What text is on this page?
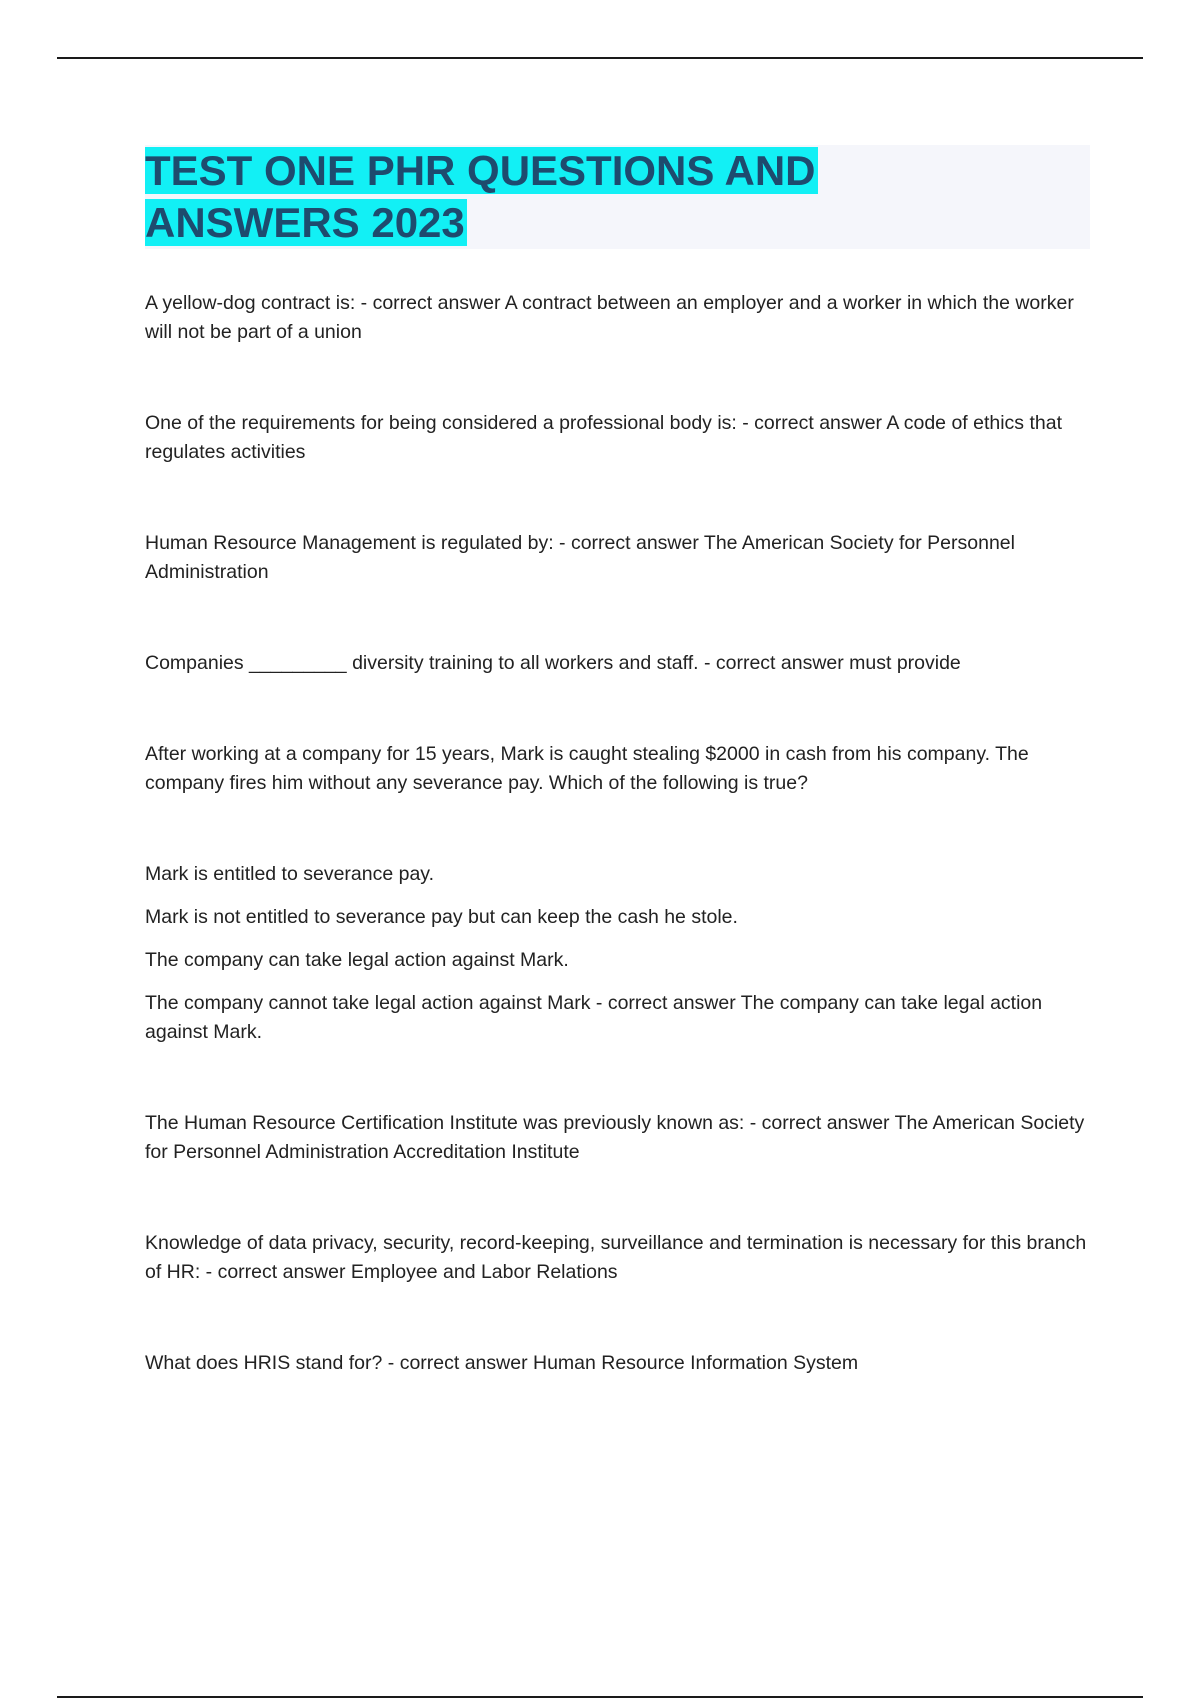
TEST ONE PHR QUESTIONS AND ANSWERS 2023

A yellow-dog contract is: - correct answer A contract between an employer and a worker in which the worker will not be part of a union

One of the requirements for being considered a professional body is: - correct answer A code of ethics that regulates activities

Human Resource Management is regulated by: - correct answer The American Society for Personnel Administration

Companies _________ diversity training to all workers and staff. - correct answer must provide

After working at a company for 15 years, Mark is caught stealing $2000 in cash from his company. The company fires him without any severance pay. Which of the following is true?

Mark is entitled to severance pay.

Mark is not entitled to severance pay but can keep the cash he stole.

The company can take legal action against Mark.

The company cannot take legal action against Mark - correct answer The company can take legal action against Mark.

The Human Resource Certification Institute was previously known as: - correct answer The American Society for Personnel Administration Accreditation Institute

Knowledge of data privacy, security, record-keeping, surveillance and termination is necessary for this branch of HR: - correct answer Employee and Labor Relations

What does HRIS stand for? - correct answer Human Resource Information System
